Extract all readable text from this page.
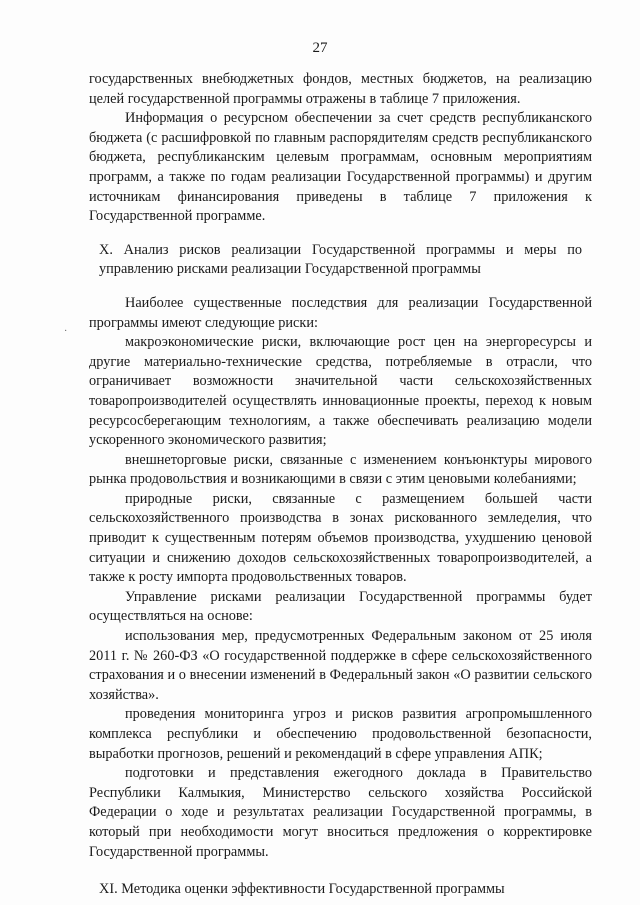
27
·

государственных внебюджетных фондов, местных бюджетов, на реализацию целей государственной программы отражены в таблице 7 приложения.

Информация о ресурсном обеспечении за счет средств республиканского бюджета (с расшифровкой по главным распорядителям средств республиканского бюджета, республиканским целевым программам, основным мероприятиям программ, а также по годам реализации Государственной программы) и другим источникам финансирования приведены в таблице 7 приложения к Государственной программе.

X. Анализ рисков реализации Государственной программы и меры по управлению рисками реализации Государственной программы

Наиболее существенные последствия для реализации Государственной программы имеют следующие риски:

макроэкономические риски, включающие рост цен на энергоресурсы и другие материально-технические средства, потребляемые в отрасли, что ограничивает возможности значительной части сельскохозяйственных товаропроизводителей осуществлять инновационные проекты, переход к новым ресурсосберегающим технологиям, а также обеспечивать реализацию модели ускоренного экономического развития;

внешнеторговые риски, связанные с изменением конъюнктуры мирового рынка продовольствия и возникающими в связи с этим ценовыми колебаниями;

природные риски, связанные с размещением большей части сельскохозяйственного производства в зонах рискованного земледелия, что приводит к существенным потерям объемов производства, ухудшению ценовой ситуации и снижению доходов сельскохозяйственных товаропроизводителей, а также к росту импорта продовольственных товаров.

Управление рисками реализации Государственной программы будет осуществляться на основе:

использования мер, предусмотренных Федеральным законом от 25 июля 2011 г. № 260-ФЗ «О государственной поддержке в сфере сельскохозяйственного страхования и о внесении изменений в Федеральный закон «О развитии сельского хозяйства».

проведения мониторинга угроз и рисков развития агропромышленного комплекса республики и обеспечению продовольственной безопасности, выработки прогнозов, решений и рекомендаций в сфере управления АПК;

подготовки и представления ежегодного доклада в Правительство Республики Калмыкия, Министерство сельского хозяйства Российской Федерации о ходе и результатах реализации Государственной программы, в который при необходимости могут вноситься предложения о корректировке Государственной программы.

XI. Методика оценки эффективности Государственной программы
